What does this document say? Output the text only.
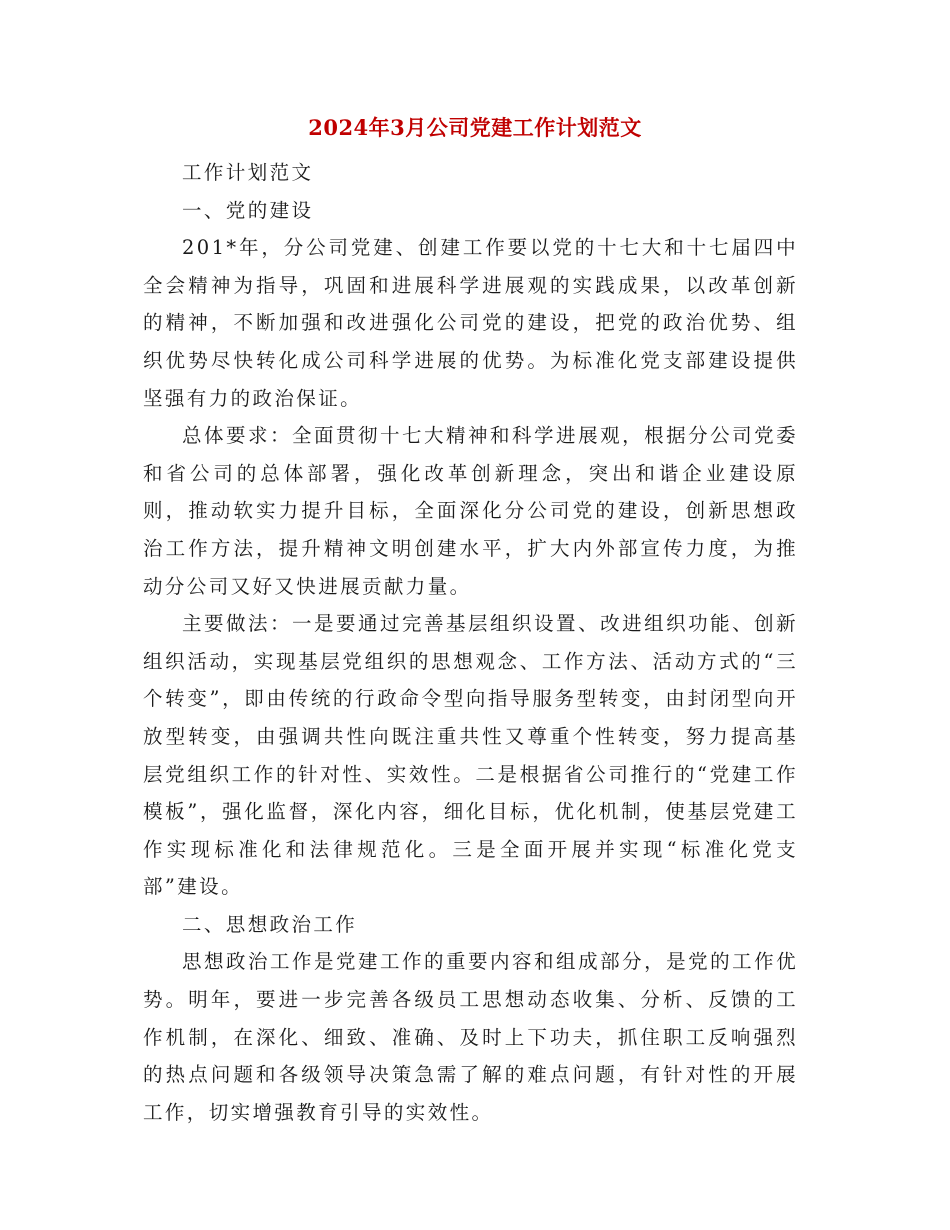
2024年3月公司党建工作计划范文

工作计划范文

一、党的建设

201*年，分公司党建、创建工作要以党的十七大和十七届四中全会精神为指导，巩固和进展科学进展观的实践成果，以改革创新的精神，不断加强和改进强化公司党的建设，把党的政治优势、组织优势尽快转化成公司科学进展的优势。为标准化党支部建设提供坚强有力的政治保证。

总体要求：全面贯彻十七大精神和科学进展观，根据分公司党委和省公司的总体部署，强化改革创新理念，突出和谐企业建设原则，推动软实力提升目标，全面深化分公司党的建设，创新思想政治工作方法，提升精神文明创建水平，扩大内外部宣传力度，为推动分公司又好又快进展贡献力量。

主要做法：一是要通过完善基层组织设置、改进组织功能、创新组织活动，实现基层党组织的思想观念、工作方法、活动方式的“三个转变”，即由传统的行政命令型向指导服务型转变，由封闭型向开放型转变，由强调共性向既注重共性又尊重个性转变，努力提高基层党组织工作的针对性、实效性。二是根据省公司推行的“党建工作模板”，强化监督，深化内容，细化目标，优化机制，使基层党建工作实现标准化和法律规范化。三是全面开展并实现“标准化党支部”建设。

二、思想政治工作

思想政治工作是党建工作的重要内容和组成部分，是党的工作优势。明年，要进一步完善各级员工思想动态收集、分析、反馈的工作机制，在深化、细致、准确、及时上下功夫，抓住职工反响强烈的热点问题和各级领导决策急需了解的难点问题，有针对性的开展工作，切实增强教育引导的实效性。
